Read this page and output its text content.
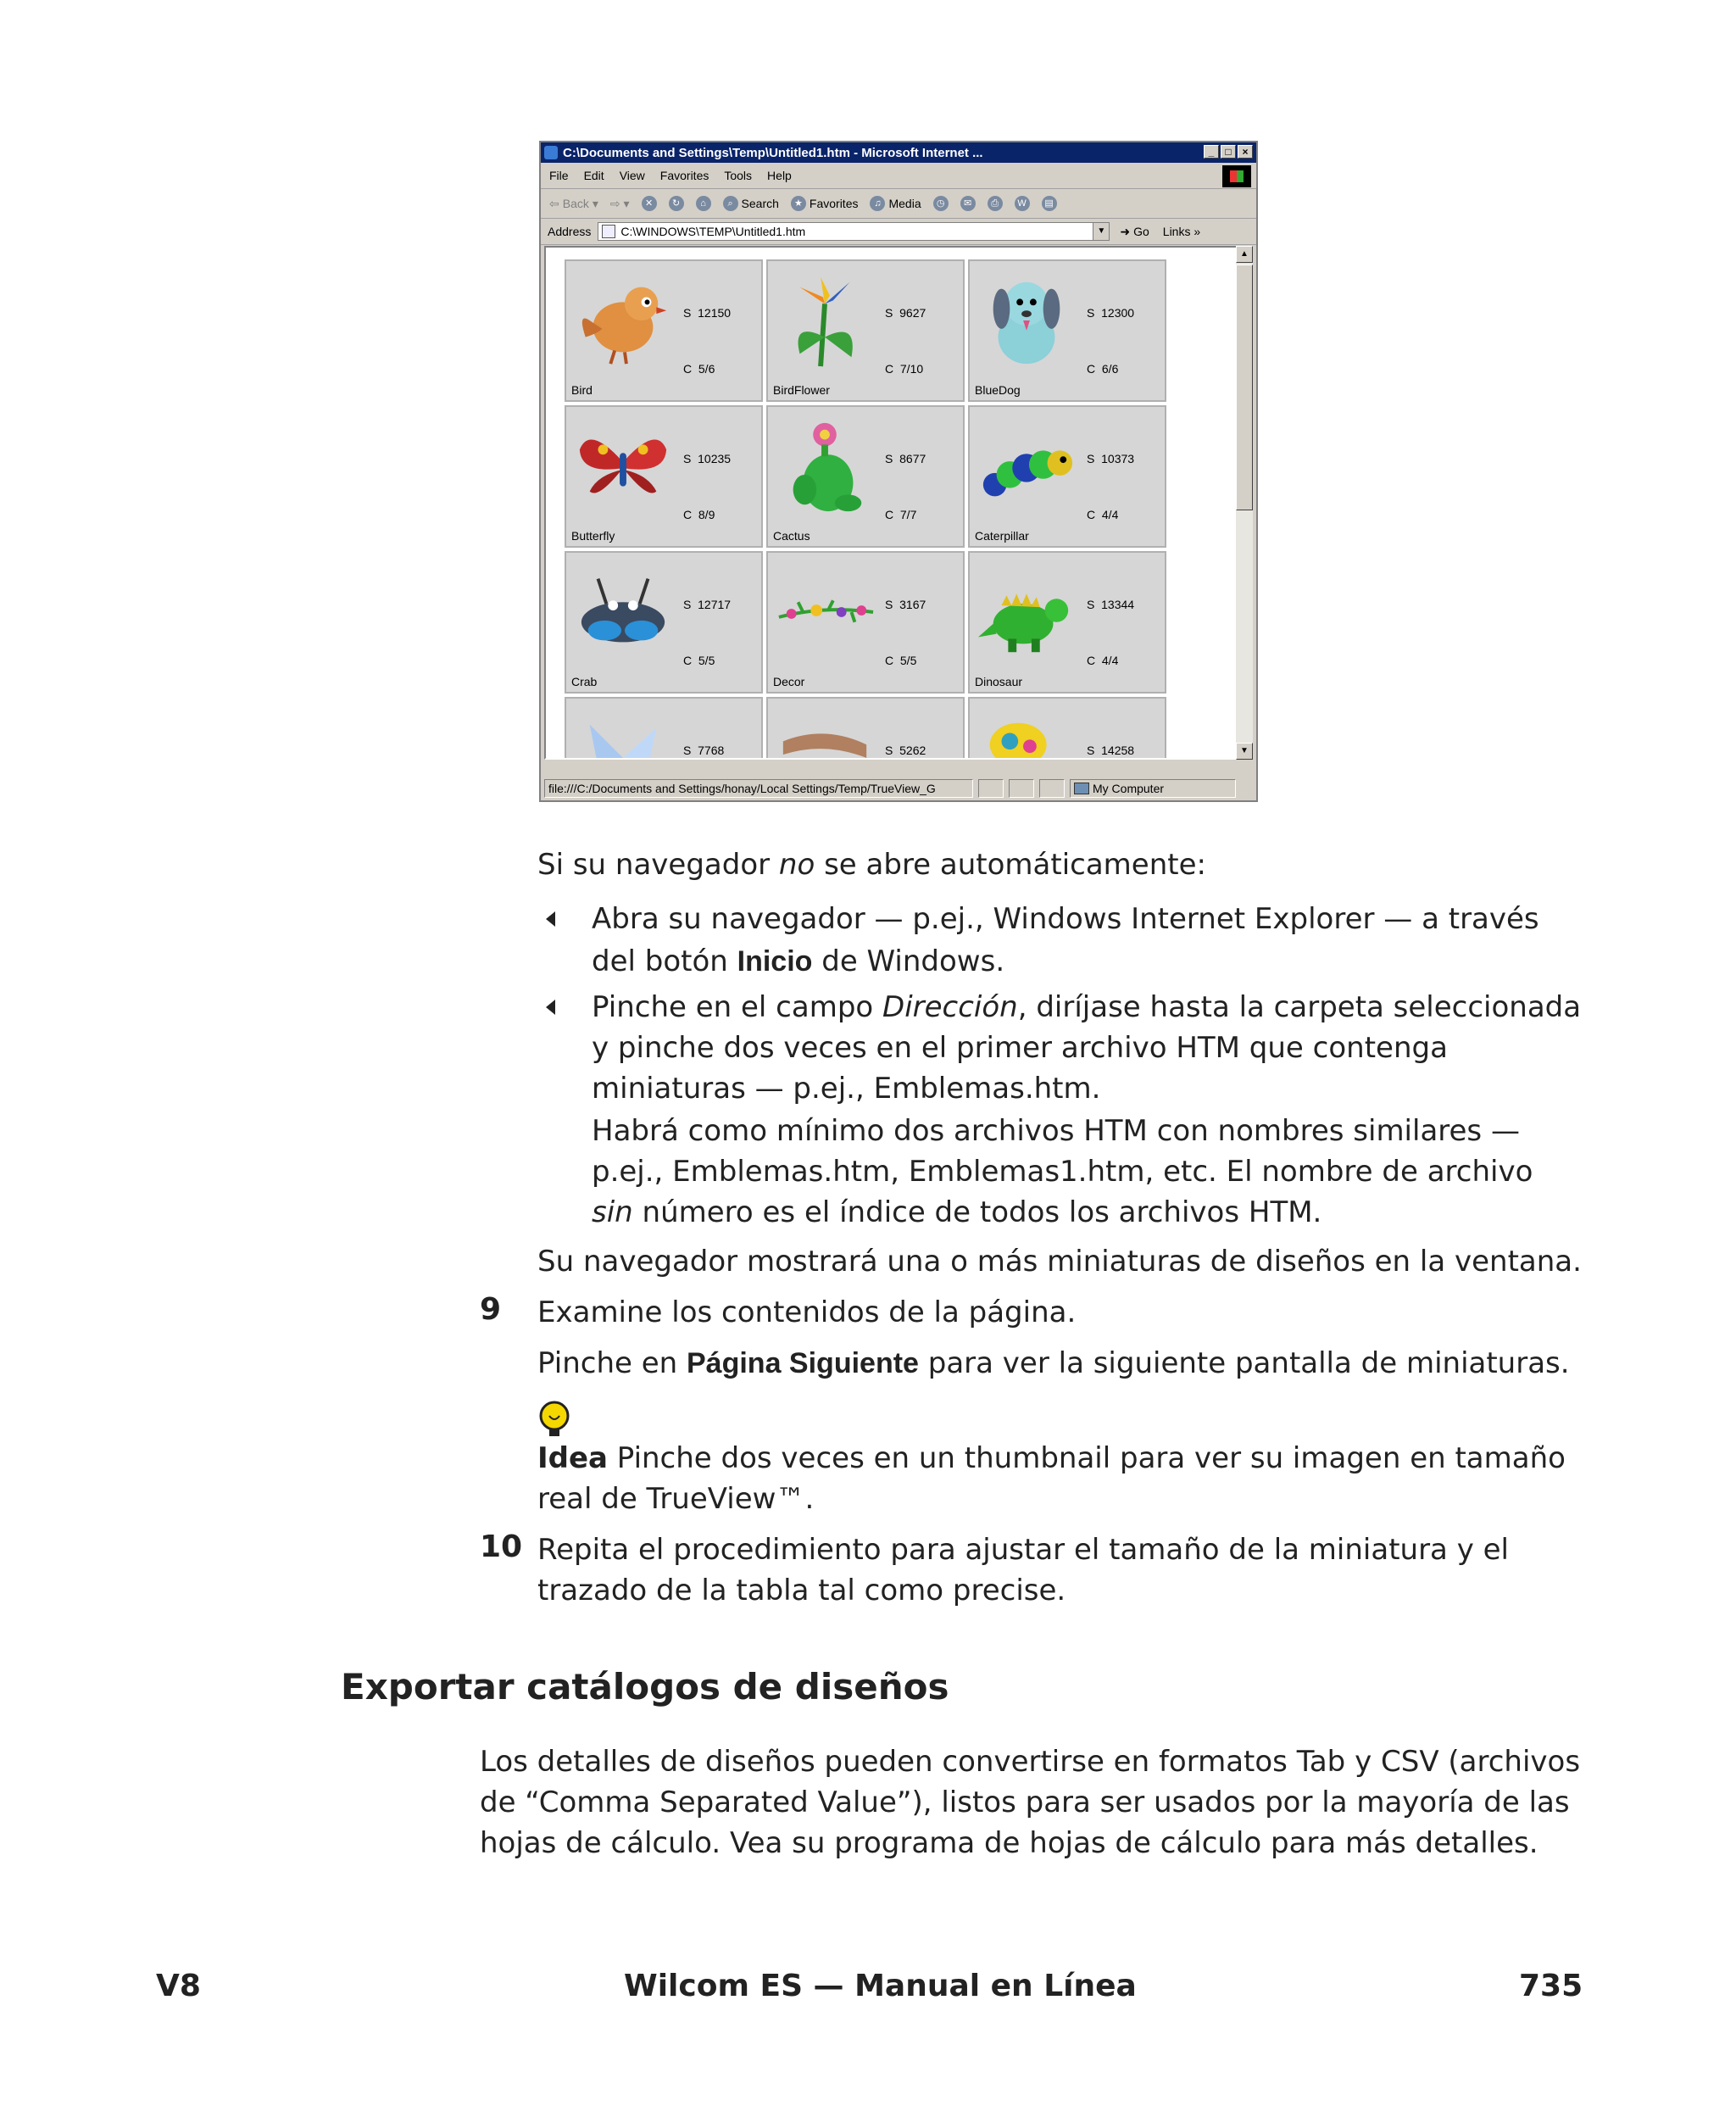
C:\Documents and Settings\Temp\Untitled1.htm - Microsoft Internet ...	_	□	×
File Edit View Favorites Tools Help
⇦ Back ▾ ⇨ ▾	✕	↻	⌂	⌕ Search	★ Favorites	♫ Media	◷	✉	⎙	W	▤
Address	C:\WINDOWS\TEMP\Untitled1.htm	▼ ➜ Go Links »
Bird

S  12150

C  5/6

BirdFlower

S  9627

C  7/10

BlueDog

S  12300

C  6/6

Butterfly

S  10235

C  8/9

Cactus

S  8677

C  7/7

Caterpillar

S  10373

C  4/4

Crab

S  12717

C  5/5

Decor

S  3167

C  5/5

Dinosaur

S  13344

C  4/4

S  7768

	S  5262

	S  14258

▲
▼
file:///C:/Documents and Settings/honay/Local Settings/Temp/TrueView_G	My Computer
Si su navegador no se abre automáticamente:
Abra su navegador — p.ej., Windows Internet Explorer — a través
del botón Inicio de Windows.
Pinche en el campo Dirección, diríjase hasta la carpeta seleccionada
y pinche dos veces en el primer archivo HTM que contenga
miniaturas — p.ej., Emblemas.htm.
Habrá como mínimo dos archivos HTM con nombres similares —
p.ej., Emblemas.htm, Emblemas1.htm, etc. El nombre de archivo
sin número es el índice de todos los archivos HTM.
Su navegador mostrará una o más miniaturas de diseños en la ventana.
9 Examine los contenidos de la página.
Pinche en Página Siguiente para ver la siguiente pantalla de miniaturas.
Idea Pinche dos veces en un thumbnail para ver su imagen en tamaño
real de TrueView™.
10 Repita el procedimiento para ajustar el tamaño de la miniatura y el
trazado de la tabla tal como precise.
Exportar catálogos de diseños
Los detalles de diseños pueden convertirse en formatos Tab y CSV (archivos
de “Comma Separated Value”), listos para ser usados por la mayoría de las
hojas de cálculo. Vea su programa de hojas de cálculo para más detalles.
V8	Wilcom ES — Manual en Línea	735
